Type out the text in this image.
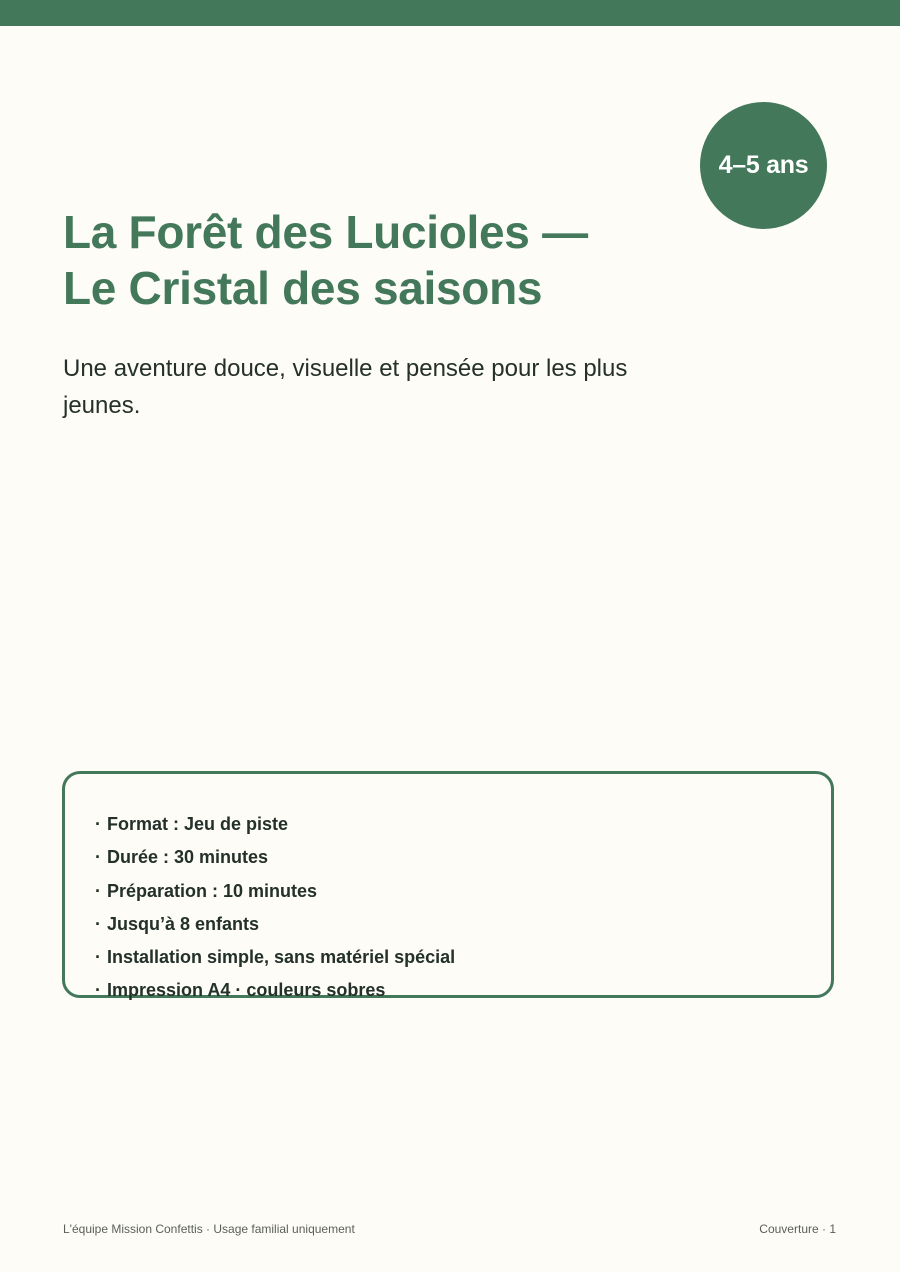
4–5 ans
La Forêt des Lucioles —
Le Cristal des saisons

Une aventure douce, visuelle et pensée pour les plus jeunes.

· Format : Jeu de piste
· Durée : 30 minutes
· Préparation : 10 minutes
· Jusqu’à 8 enfants
· Installation simple, sans matériel spécial
· Impression A4 · couleurs sobres
L'équipe Mission Confettis · Usage familial uniquement	Couverture · 1
